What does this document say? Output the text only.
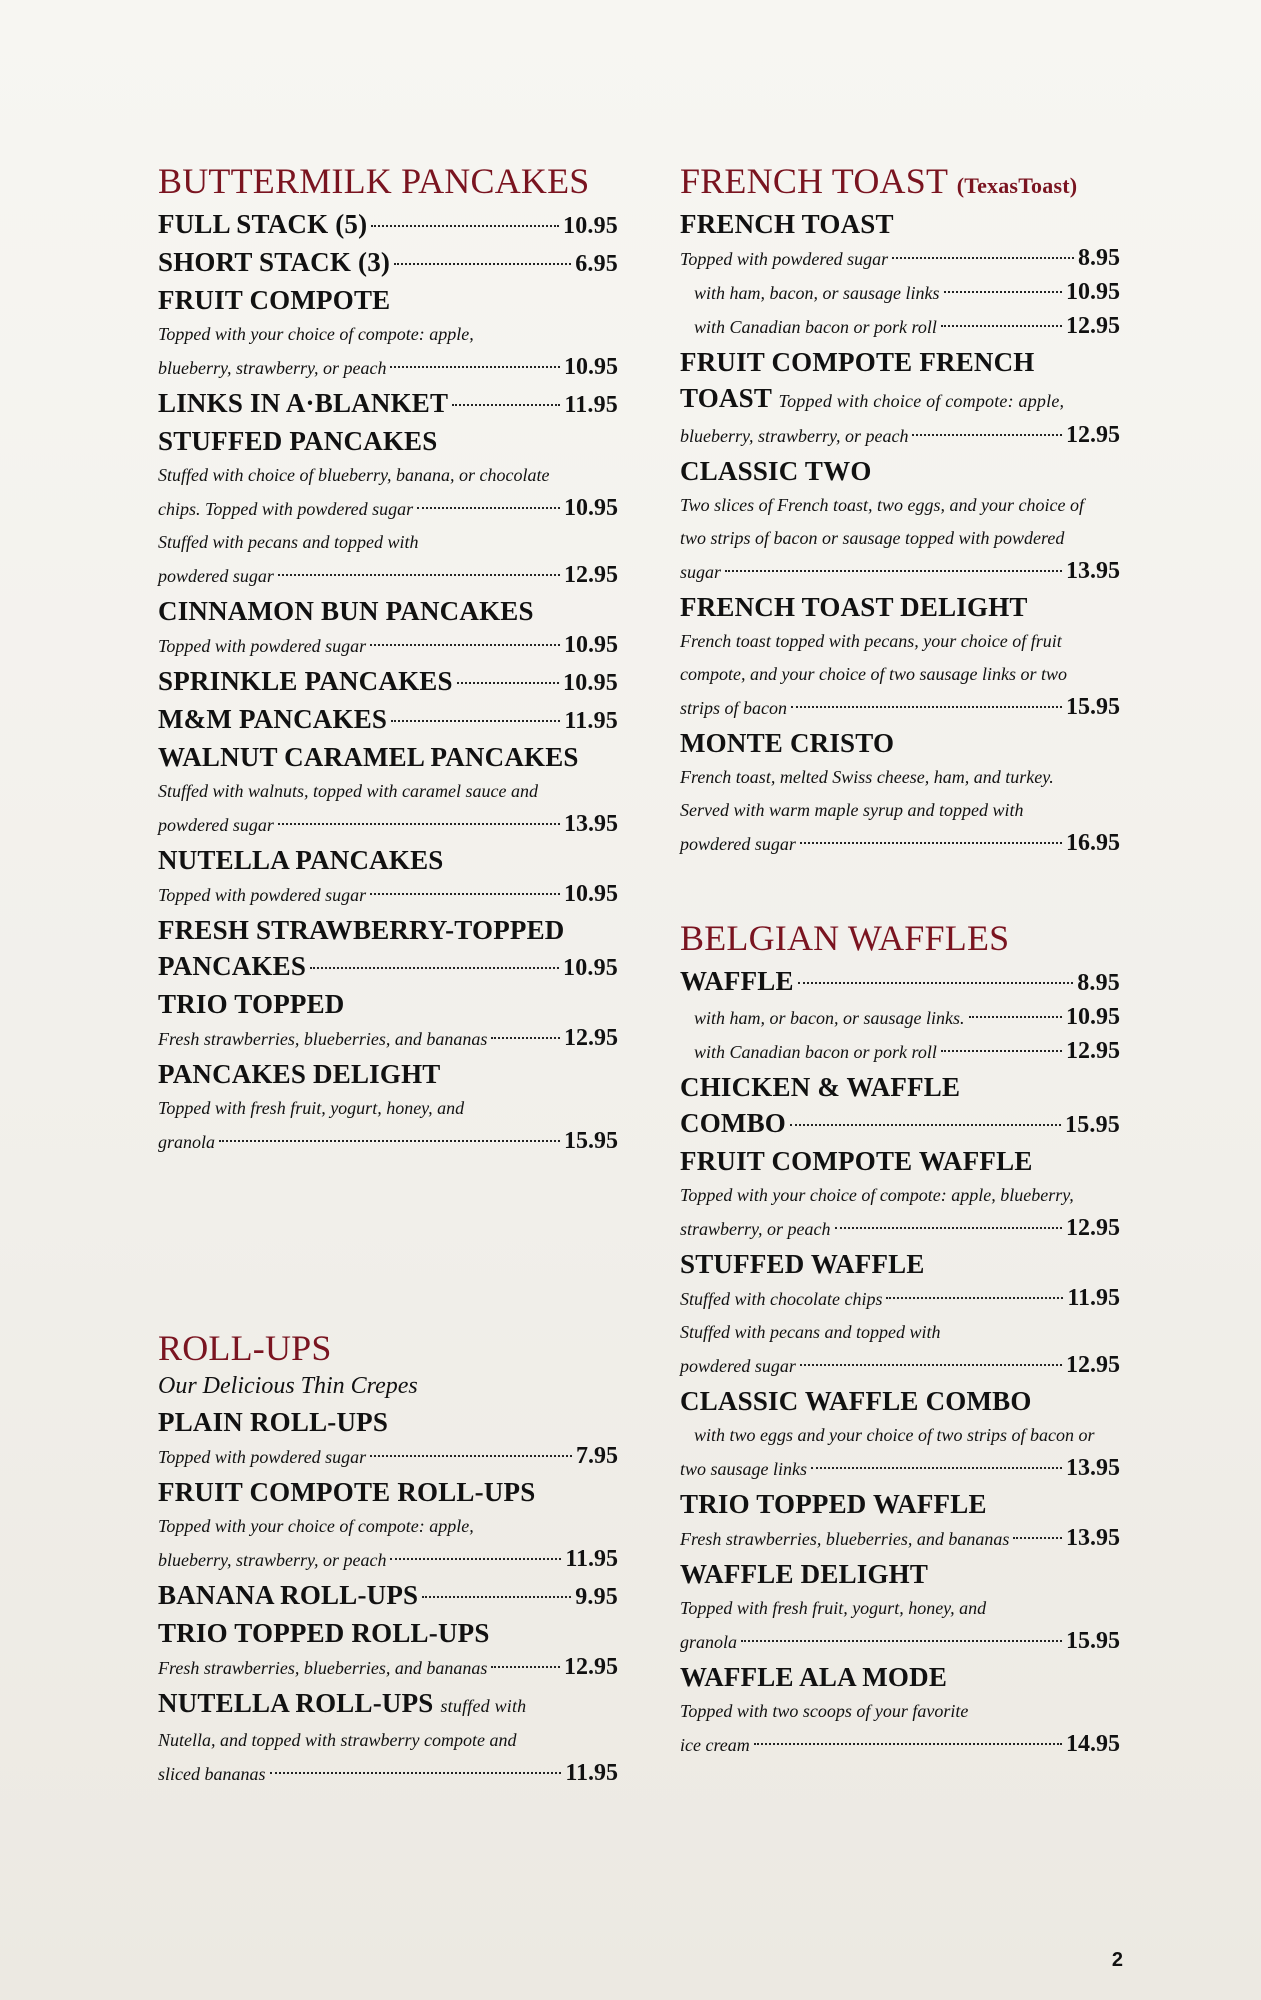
BUTTERMILK PANCAKES
FULL STACK (5)	10.95
SHORT STACK (3)	6.95
FRUIT COMPOTE
Topped with your choice of compote: apple,
blueberry, strawberry, or peach	10.95
LINKS IN A·BLANKET	11.95
STUFFED PANCAKES
Stuffed with choice of blueberry, banana, or chocolate
chips. Topped with powdered sugar	10.95
Stuffed with pecans and topped with
powdered sugar	12.95
CINNAMON BUN PANCAKES
Topped with powdered sugar	10.95
SPRINKLE PANCAKES	10.95
M&M PANCAKES	11.95
WALNUT CARAMEL PANCAKES
Stuffed with walnuts, topped with caramel sauce and
powdered sugar	13.95
NUTELLA PANCAKES
Topped with powdered sugar	10.95
FRESH STRAWBERRY-TOPPED
PANCAKES	10.95
TRIO TOPPED
Fresh strawberries, blueberries, and bananas	12.95
PANCAKES DELIGHT
Topped with fresh fruit, yogurt, honey, and
granola	15.95
ROLL-UPS
Our Delicious Thin Crepes
PLAIN ROLL-UPS
Topped with powdered sugar	7.95
FRUIT COMPOTE ROLL-UPS
Topped with your choice of compote: apple,
blueberry, strawberry, or peach	11.95
BANANA ROLL-UPS	9.95
TRIO TOPPED ROLL-UPS
Fresh strawberries, blueberries, and bananas	12.95
NUTELLA ROLL-UPS stuffed with
Nutella, and topped with strawberry compote and
sliced bananas	11.95
FRENCH TOAST (TexasToast)
FRENCH TOAST
Topped with powdered sugar	8.95
with ham, bacon, or sausage links	10.95
with Canadian bacon or pork roll	12.95
FRUIT COMPOTE FRENCH
TOAST Topped with choice of compote: apple,
blueberry, strawberry, or peach	12.95
CLASSIC TWO
Two slices of French toast, two eggs, and your choice of
two strips of bacon or sausage topped with powdered
sugar	13.95
FRENCH TOAST DELIGHT
French toast topped with pecans, your choice of fruit
compote, and your choice of two sausage links or two
strips of bacon	15.95
MONTE CRISTO
French toast, melted Swiss cheese, ham, and turkey.
Served with warm maple syrup and topped with
powdered sugar	16.95
BELGIAN WAFFLES
WAFFLE	8.95
with ham, or bacon, or sausage links.	10.95
with Canadian bacon or pork roll	12.95
CHICKEN & WAFFLE
COMBO	15.95
FRUIT COMPOTE WAFFLE
Topped with your choice of compote: apple, blueberry,
strawberry, or peach	12.95
STUFFED WAFFLE
Stuffed with chocolate chips	11.95
Stuffed with pecans and topped with
powdered sugar	12.95
CLASSIC WAFFLE COMBO
with two eggs and your choice of two strips of bacon or
two sausage links	13.95
TRIO TOPPED WAFFLE
Fresh strawberries, blueberries, and bananas 13.95
WAFFLE DELIGHT
Topped with fresh fruit, yogurt, honey, and
granola	15.95
WAFFLE ALA MODE
Topped with two scoops of your favorite
ice cream	14.95
2
